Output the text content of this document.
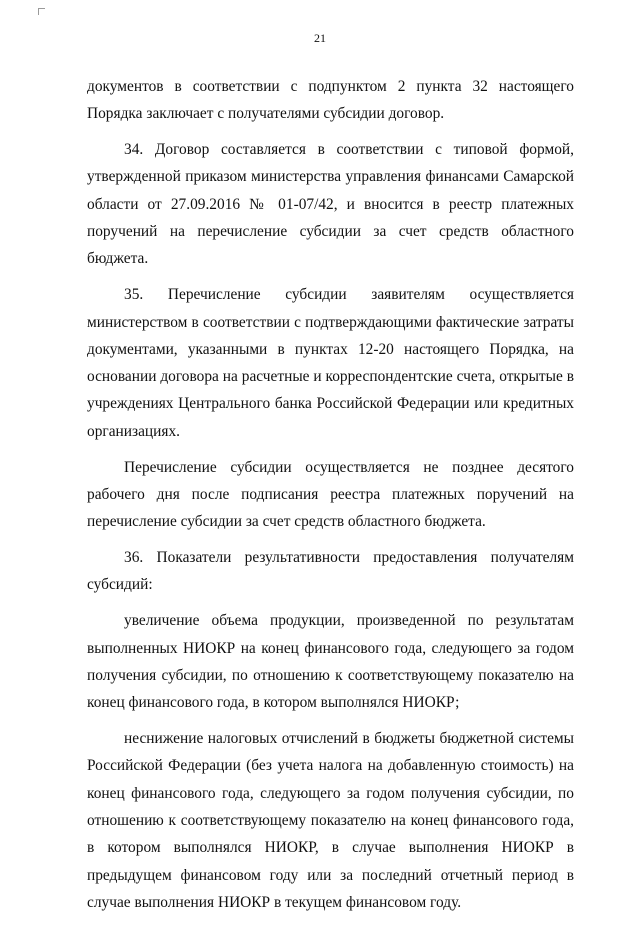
21

документов в соответствии с подпунктом 2 пункта 32 настоящего Порядка заключает с получателями субсидии договор.

34. Договор составляется в соответствии с типовой формой, утвержденной приказом министерства управления финансами Самарской области от 27.09.2016 № 01-07/42, и вносится в реестр платежных поручений на перечисление субсидии за счет средств областного бюджета.

35. Перечисление субсидии заявителям осуществляется министерством в соответствии с подтверждающими фактические затраты документами, указанными в пунктах 12-20 настоящего Порядка, на основании договора на расчетные и корреспондентские счета, открытые в учреждениях Центрального банка Российской Федерации или кредитных организациях.

Перечисление субсидии осуществляется не позднее десятого рабочего дня после подписания реестра платежных поручений на перечисление субсидии за счет средств областного бюджета.

36. Показатели результативности предоставления получателям субсидий:

увеличение объема продукции, произведенной по результатам выполненных НИОКР на конец финансового года, следующего за годом получения субсидии, по отношению к соответствующему показателю на конец финансового года, в котором выполнялся НИОКР;

неснижение налоговых отчислений в бюджеты бюджетной системы Российской Федерации (без учета налога на добавленную стоимость) на конец финансового года, следующего за годом получения субсидии, по отношению к соответствующему показателю на конец финансового года, в котором выполнялся НИОКР, в случае выполнения НИОКР в предыдущем финансовом году или за последний отчетный период в случае выполнения НИОКР в текущем финансовом году.
